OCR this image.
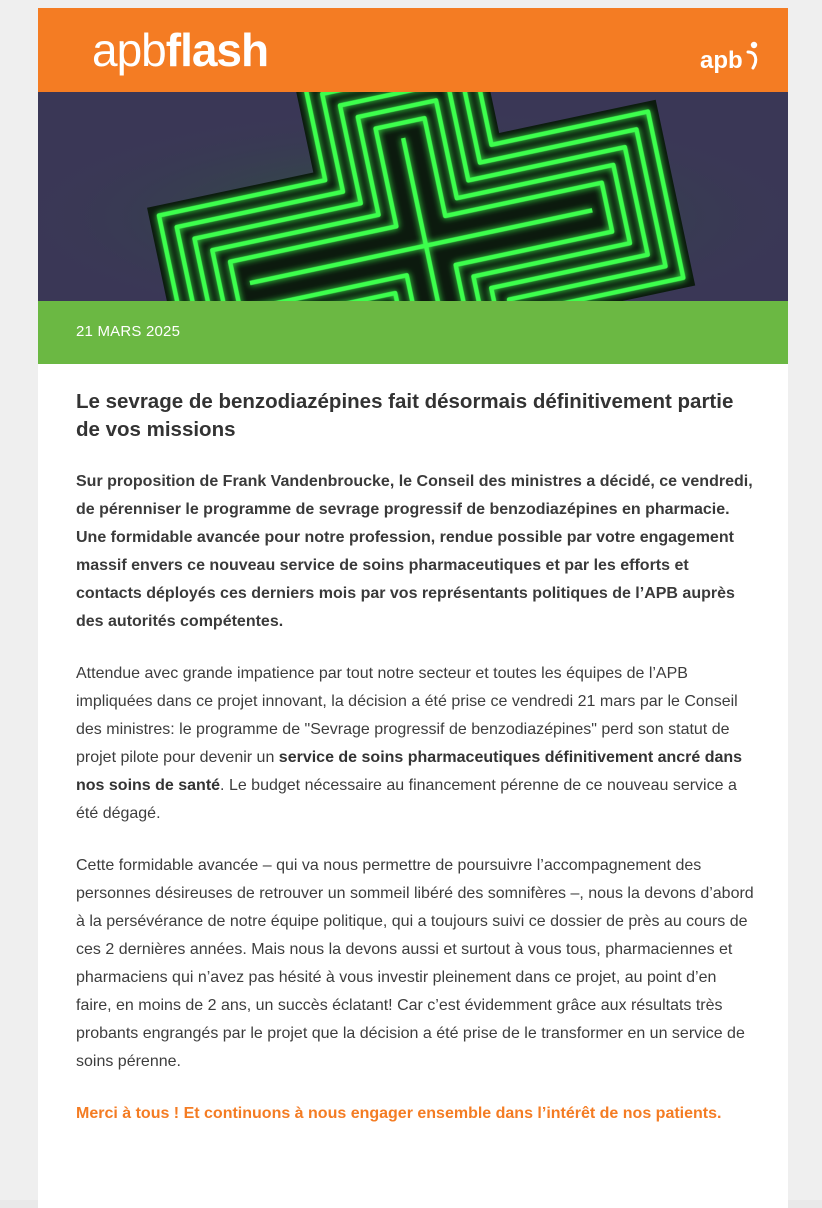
apbflash	apb
21 MARS 2025
Le sevrage de benzodiazépines fait désormais définitivement partie de vos missions

Sur proposition de Frank Vandenbroucke, le Conseil des ministres a décidé, ce vendredi, de pérenniser le programme de sevrage progressif de benzodiazépines en pharmacie. Une formidable avancée pour notre profession, rendue possible par votre engagement massif envers ce nouveau service de soins pharmaceutiques et par les efforts et contacts déployés ces derniers mois par vos représentants politiques de l’APB auprès des autorités compétentes.

Attendue avec grande impatience par tout notre secteur et toutes les équipes de l’APB impliquées dans ce projet innovant, la décision a été prise ce vendredi 21 mars par le Conseil des ministres: le programme de "Sevrage progressif de benzodiazépines" perd son statut de projet pilote pour devenir un service de soins pharmaceutiques définitivement ancré dans nos soins de santé. Le budget nécessaire au financement pérenne de ce nouveau service a été dégagé.

Cette formidable avancée – qui va nous permettre de poursuivre l’accompagnement des personnes désireuses de retrouver un sommeil libéré des somnifères –, nous la devons d’abord à la persévérance de notre équipe politique, qui a toujours suivi ce dossier de près au cours de ces 2 dernières années. Mais nous la devons aussi et surtout à vous tous, pharmaciennes et pharmaciens qui n’avez pas hésité à vous investir pleinement dans ce projet, au point d’en faire, en moins de 2 ans, un succès éclatant! Car c’est évidemment grâce aux résultats très probants engrangés par le projet que la décision a été prise de le transformer en un service de soins pérenne.

Merci à tous ! Et continuons à nous engager ensemble dans l’intérêt de nos patients.
